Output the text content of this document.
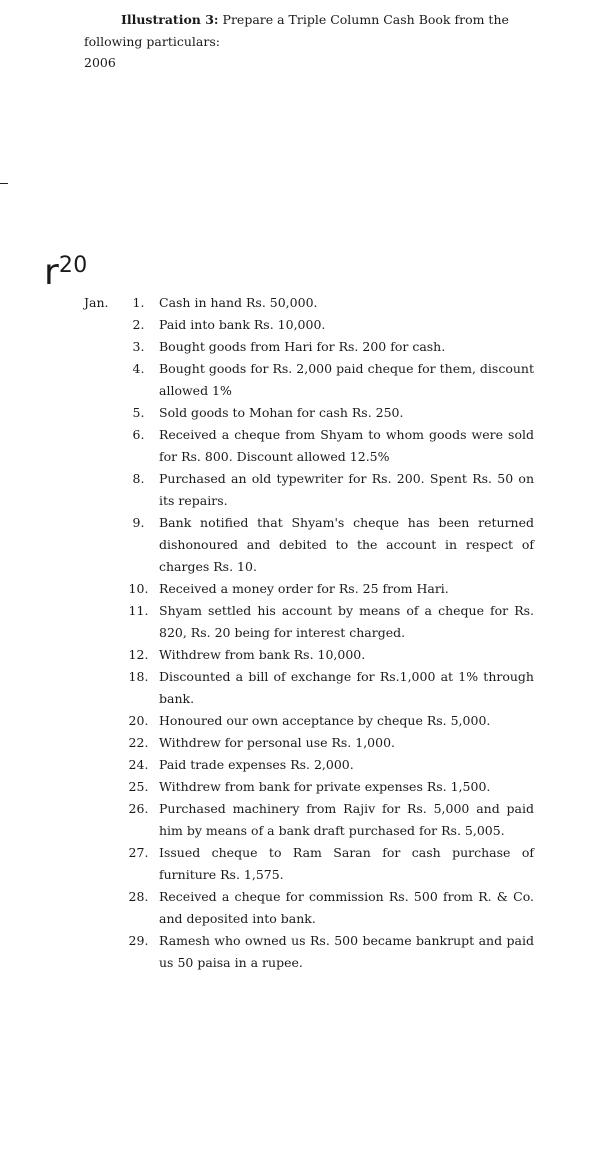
Illustration 3: Prepare a Triple Column Cash Book from the
following particulars:

2006
$r^{20}$
Jan.	1.	Cash in hand Rs. 50,000.
2.	Paid into bank Rs. 10,000.
3.	Bought goods from Hari for Rs. 200 for cash.
4.	Bought goods for Rs. 2,000 paid cheque for them, discount allowed 1%
5.	Sold goods to Mohan for cash Rs. 250.
6.	Received a cheque from Shyam to whom goods were sold for Rs. 800. Discount allowed 12.5%
8.	Purchased an old typewriter for Rs. 200. Spent Rs. 50 on its repairs.
9.	Bank notified that Shyam's cheque has been returned dishonoured and debited to the account in respect of charges Rs. 10.
10. Received a money order for Rs. 25 from Hari.
11. Shyam settled his account by means of a cheque for Rs. 820, Rs. 20 being for interest charged.
12. Withdrew from bank Rs. 10,000.
18. Discounted a bill of exchange for Rs.1,000 at 1% through bank.
20. Honoured our own acceptance by cheque Rs. 5,000.
22. Withdrew for personal use Rs. 1,000.
24. Paid trade expenses Rs. 2,000.
25. Withdrew from bank for private expenses Rs. 1,500.
26. Purchased machinery from Rajiv for Rs. 5,000 and paid him by means of a bank draft purchased for Rs. 5,005.
27. Issued cheque to Ram Saran for cash purchase of furniture Rs. 1,575.
28. Received a cheque for commission Rs. 500 from R. & Co. and deposited into bank.
29. Ramesh who owned us Rs. 500 became bankrupt and paid us 50 paisa in a rupee.
